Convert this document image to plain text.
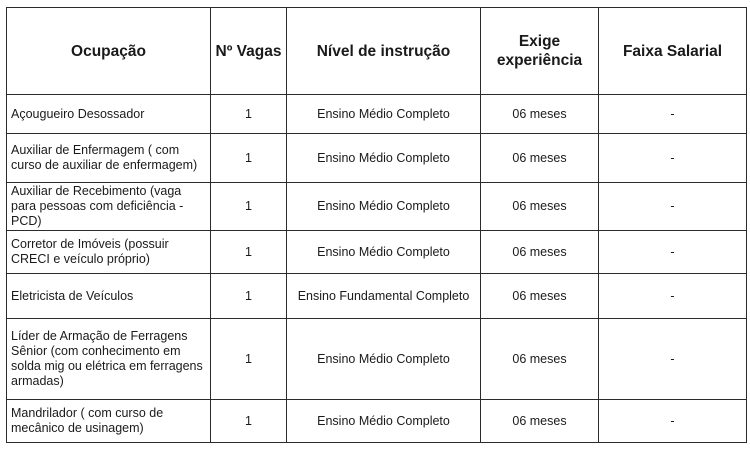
Ocupação	Nº Vagas	Nível de instrução	Exige experiência	Faixa Salarial
Açougueiro Desossador	1	Ensino Médio Completo	06 meses	-
Auxiliar de Enfermagem ( com curso de auxiliar de enfermagem)	1	Ensino Médio Completo	06 meses	-
Auxiliar de Recebimento (vaga para pessoas com deficiência - PCD)	1	Ensino Médio Completo	06 meses	-
Corretor de Imóveis (possuir CRECI e veículo próprio)	1	Ensino Médio Completo	06 meses	-
Eletricista de Veículos	1	Ensino Fundamental Completo	06 meses	-
Líder de Armação de Ferragens Sênior (com conhecimento em solda mig ou elétrica em ferragens armadas)	1	Ensino Médio Completo	06 meses	-
Mandrilador ( com curso de mecânico de usinagem)	1	Ensino Médio Completo	06 meses	-
